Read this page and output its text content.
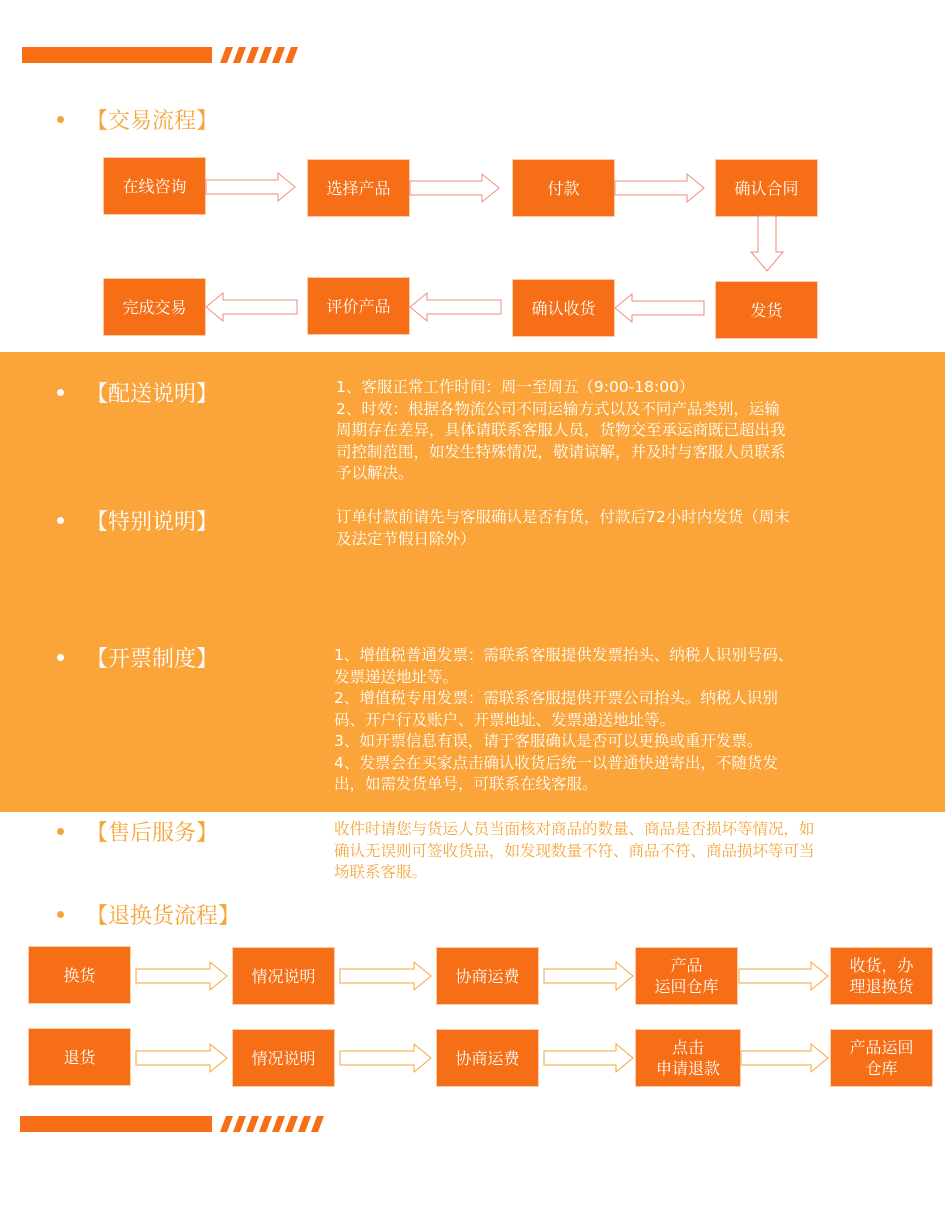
【交易流程】
在线咨询	选择产品	付款	确认合同
发货
确认收货
评价产品
完成交易
【配送说明】	1、客服正常工作时间：周一至周五（9:00-18:00）
2、时效：根据各物流公司不同运输方式以及不同产品类别，运输
周期存在差异，具体请联系客服人员，货物交至承运商既已超出我
司控制范围，如发生特殊情况，敬请谅解，并及时与客服人员联系
予以解决。
【特别说明】	订单付款前请先与客服确认是否有货，付款后72小时内发货（周末
及法定节假日除外）
【开票制度】	1、增值税普通发票：需联系客服提供发票抬头、纳税人识别号码、
发票递送地址等。
2、增值税专用发票：需联系客服提供开票公司抬头。纳税人识别
码、开户行及账户、开票地址、发票递送地址等。
3、如开票信息有误，请于客服确认是否可以更换或重开发票。
4、发票会在买家点击确认收货后统一以普通快递寄出，不随货发
出，如需发货单号，可联系在线客服。
【售后服务】	收件时请您与货运人员当面核对商品的数量、商品是否损坏等情况，如
确认无误则可签收货品，如发现数量不符、商品不符、商品损坏等可当
场联系客服。
【退换货流程】
换货	情况说明	协商运费
产品
运回仓库
收货，办
理退换货
退货	情况说明	协商运费
点击
申请退款
产品运回
仓库
